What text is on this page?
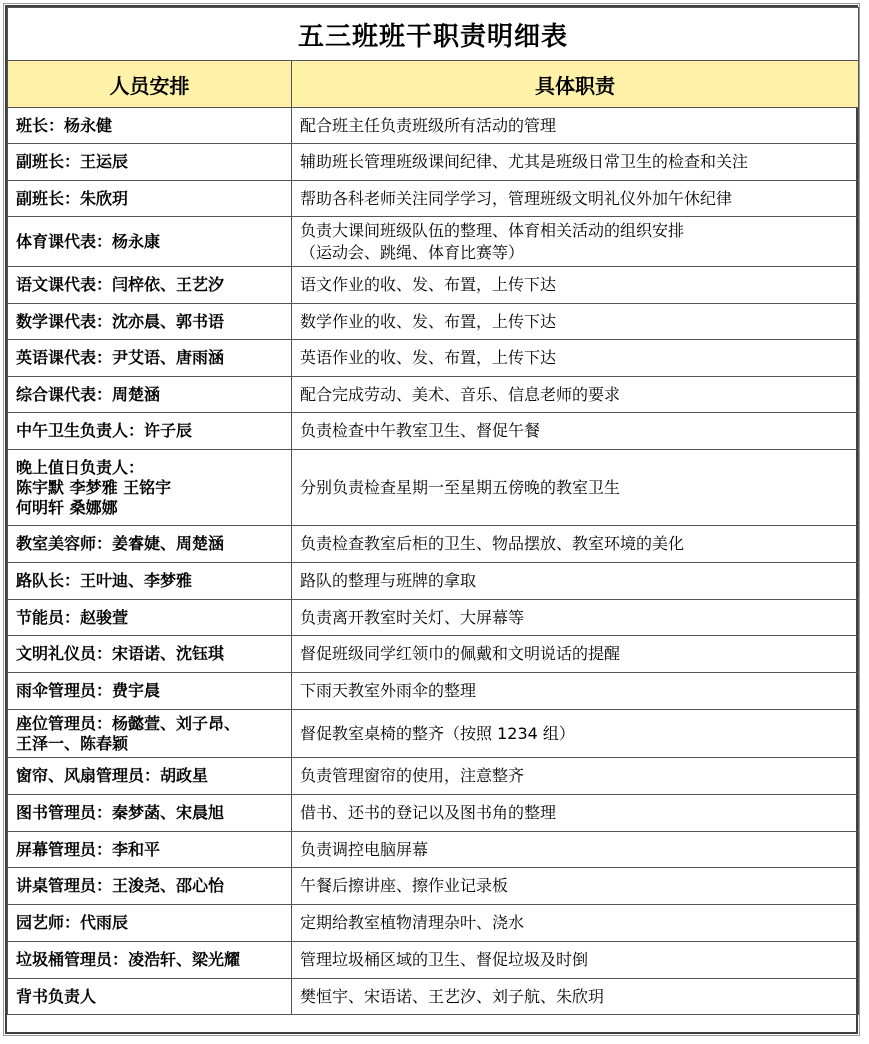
五三班班干职责明细表	
人员安排	具体职责

班长：杨永健	配合班主任负责班级所有活动的管理

副班长：王运辰	辅助班长管理班级课间纪律、尤其是班级日常卫生的检查和关注

副班长：朱欣玥	帮助各科老师关注同学学习，管理班级文明礼仪外加午休纪律

体育课代表：杨永康	负责大课间班级队伍的整理、体育相关活动的组织安排
（运动会、跳绳、体育比赛等）

语文课代表：闫梓依、王艺汐	语文作业的收、发、布置，上传下达

数学课代表：沈亦晨、郭书语	数学作业的收、发、布置，上传下达

英语课代表：尹艾语、唐雨涵	英语作业的收、发、布置，上传下达

综合课代表：周楚涵	配合完成劳动、美术、音乐、信息老师的要求

中午卫生负责人：许子辰	负责检查中午教室卫生、督促午餐

晚上值日负责人：
陈宇默 李梦雅 王铭宇
何明轩 桑娜娜	分别负责检查星期一至星期五傍晚的教室卫生

教室美容师：姜睿婕、周楚涵	负责检查教室后柜的卫生、物品摆放、教室环境的美化

路队长：王叶迪、李梦雅	路队的整理与班牌的拿取

节能员：赵骏萱	负责离开教室时关灯、大屏幕等

文明礼仪员：宋语诺、沈钰琪	督促班级同学红领巾的佩戴和文明说话的提醒

雨伞管理员：费宇晨	下雨天教室外雨伞的整理

座位管理员：杨懿萱、刘子昂、
王泽一、陈春颖	督促教室桌椅的整齐（按照 1234 组）

窗帘、风扇管理员：胡政星	负责管理窗帘的使用，注意整齐

图书管理员：秦梦菡、宋晨旭	借书、还书的登记以及图书角的整理

屏幕管理员：李和平	负责调控电脑屏幕

讲桌管理员：王浚尧、邵心怡	午餐后擦讲座、擦作业记录板

园艺师：代雨辰	定期给教室植物清理杂叶、浇水

垃圾桶管理员：凌浩轩、梁光耀	管理垃圾桶区域的卫生、督促垃圾及时倒

背书负责人	樊恒宇、宋语诺、王艺汐、刘子航、朱欣玥
